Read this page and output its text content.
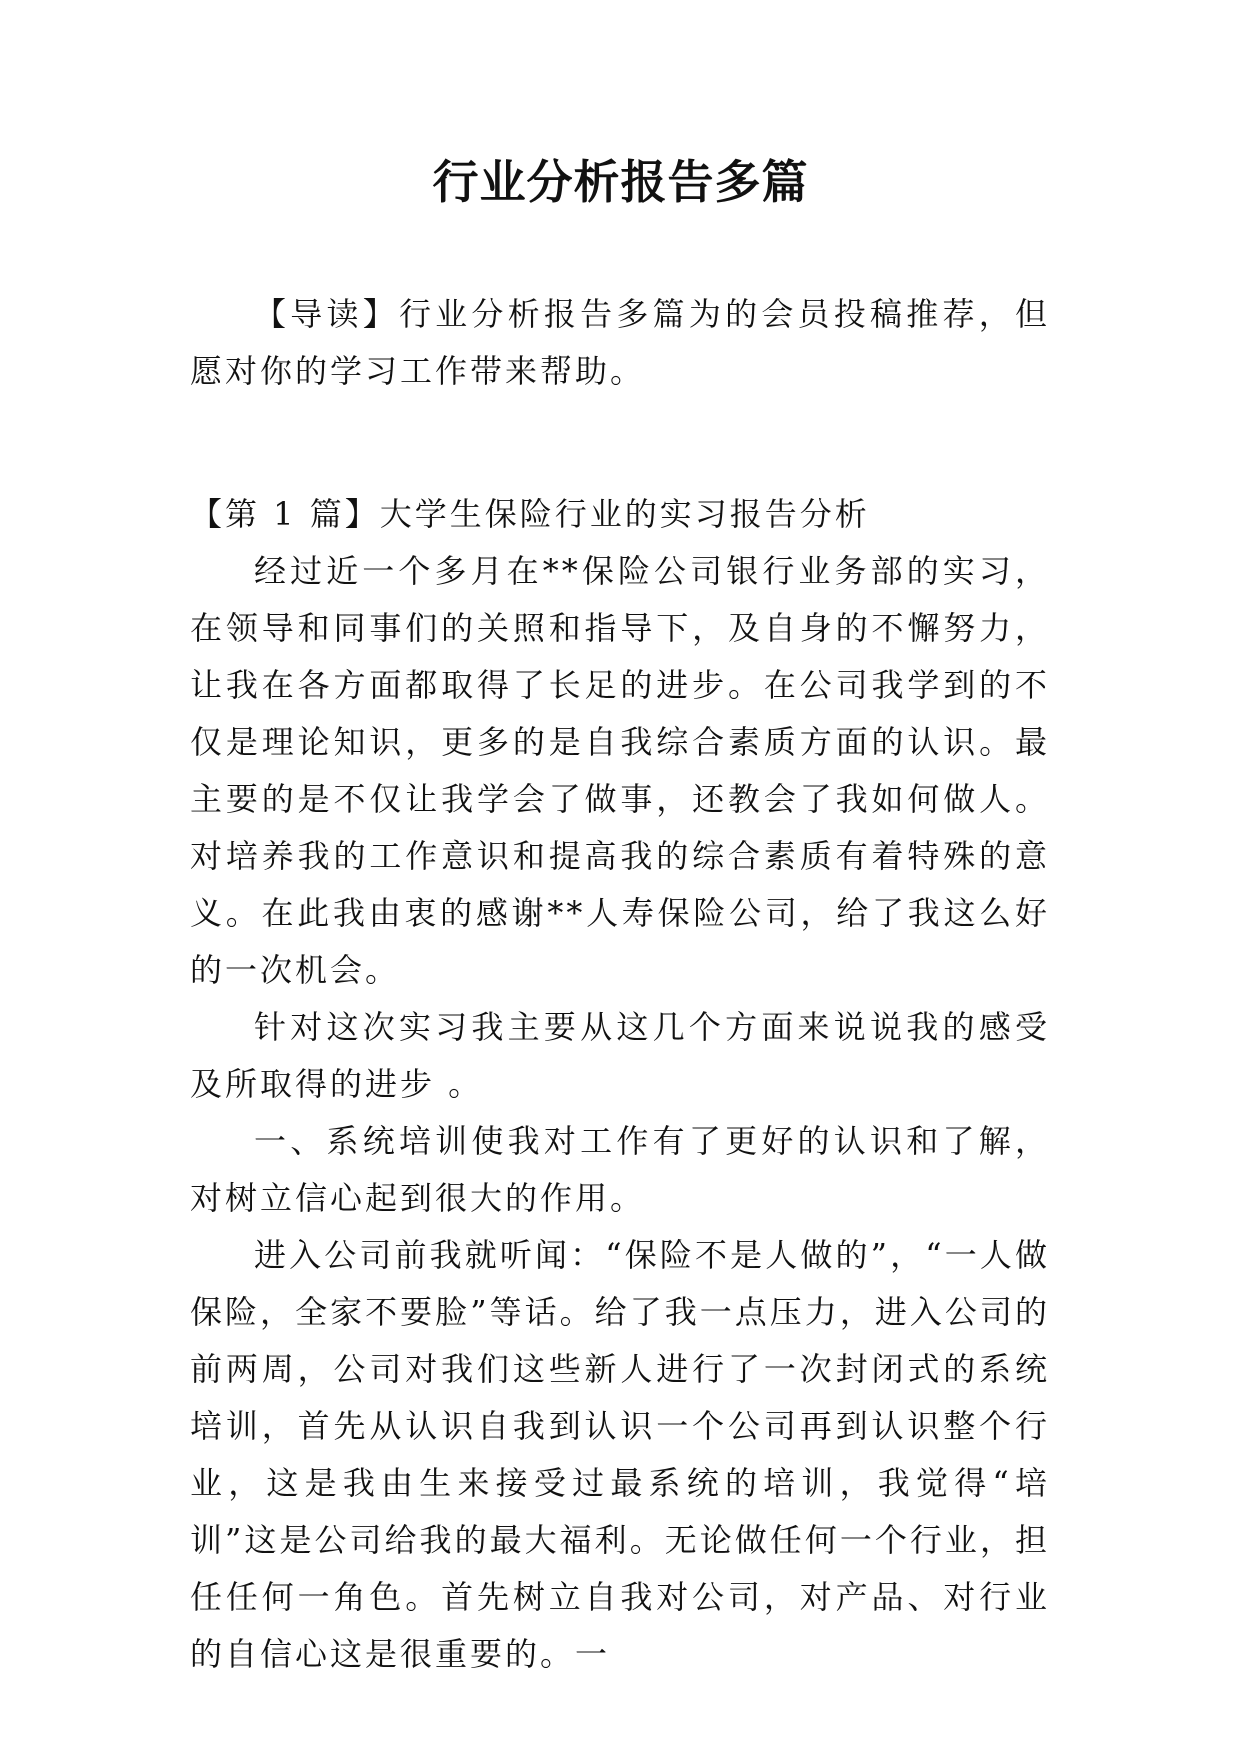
行业分析报告多篇

【导读】行业分析报告多篇为的会员投稿推荐，但愿对你的学习工作带来帮助。

【第 1 篇】大学生保险行业的实习报告分析

经过近一个多月在**保险公司银行业务部的实习，在领导和同事们的关照和指导下，及自身的不懈努力，让我在各方面都取得了长足的进步。在公司我学到的不仅是理论知识，更多的是自我综合素质方面的认识。最主要的是不仅让我学会了做事，还教会了我如何做人。对培养我的工作意识和提高我的综合素质有着特殊的意义。在此我由衷的感谢**人寿保险公司，给了我这么好的一次机会。

针对这次实习我主要从这几个方面来说说我的感受及所取得的进步 。

一、系统培训使我对工作有了更好的认识和了解，对树立信心起到很大的作用。

进入公司前我就听闻：“保险不是人做的”，“一人做保险，全家不要脸”等话。给了我一点压力，进入公司的前两周，公司对我们这些新人进行了一次封闭式的系统培训，首先从认识自我到认识一个公司再到认识整个行业，这是我由生来接受过最系统的培训，我觉得“培训”这是公司给我的最大福利。无论做任何一个行业，担任任何一角色。首先树立自我对公司，对产品、对行业的自信心这是很重要的。一
